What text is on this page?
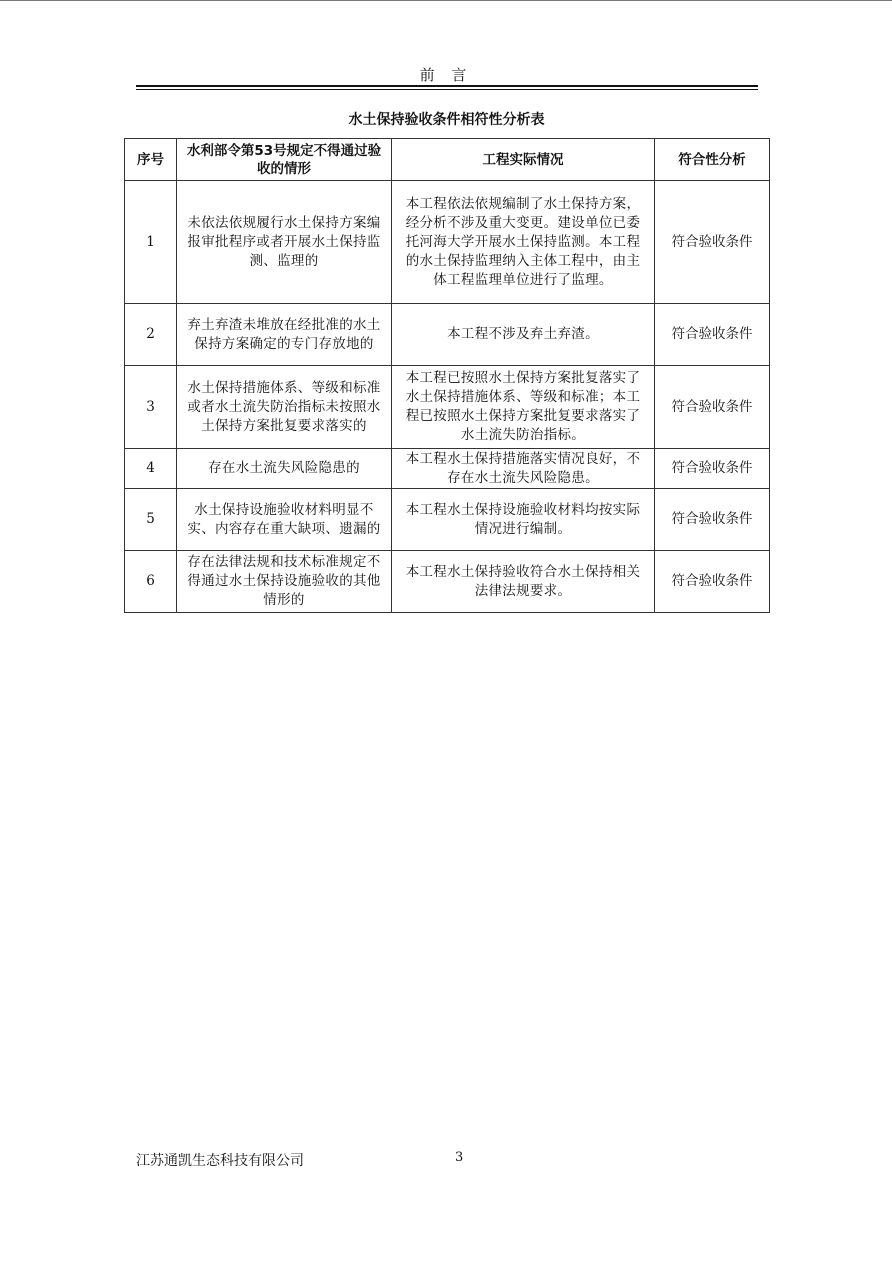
前 言
水土保持验收条件相符性分析表
序号	水利部令第53号规定不得通过验收的情形	工程实际情况	符合性分析
1	未依法依规履行水土保持方案编报审批程序或者开展水土保持监测、监理的	本工程依法依规编制了水土保持方案，经分析不涉及重大变更。建设单位已委托河海大学开展水土保持监测。本工程的水土保持监理纳入主体工程中，由主体工程监理单位进行了监理。	符合验收条件
2	弃土弃渣未堆放在经批准的水土保持方案确定的专门存放地的	本工程不涉及弃土弃渣。	符合验收条件
3	水土保持措施体系、等级和标准或者水土流失防治指标未按照水土保持方案批复要求落实的	本工程已按照水土保持方案批复落实了水土保持措施体系、等级和标准；本工程已按照水土保持方案批复要求落实了水土流失防治指标。	符合验收条件
4	存在水土流失风险隐患的	本工程水土保持措施落实情况良好，不存在水土流失风险隐患。	符合验收条件
5	水土保持设施验收材料明显不实、内容存在重大缺项、遗漏的	本工程水土保持设施验收材料均按实际情况进行编制。	符合验收条件
6	存在法律法规和技术标准规定不得通过水土保持设施验收的其他情形的	本工程水土保持验收符合水土保持相关法律法规要求。	符合验收条件
江苏通凯生态科技有限公司	3
